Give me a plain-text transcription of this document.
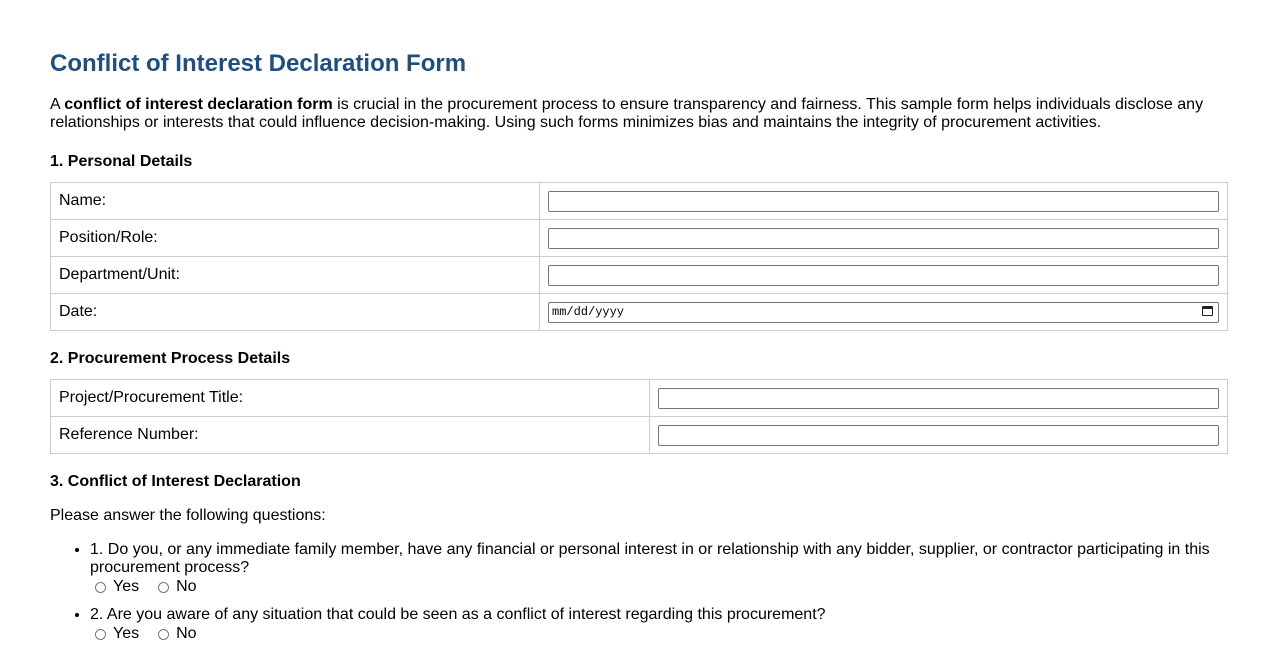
Conflict of Interest Declaration Form

A conflict of interest declaration form is crucial in the procurement process to ensure transparency and fairness. This sample form helps individuals disclose any relationships or interests that could influence decision-making. Using such forms minimizes bias and maintains the integrity of procurement activities.

1. Personal Details
Name:	

Position/Role:	

Department/Unit:	

Date:	mm/dd/yyyy
2. Procurement Process Details
Project/Procurement Title:	

Reference Number:	
3. Conflict of Interest Declaration
Please answer the following questions:
• 1. Do you, or any immediate family member, have any financial or personal interest in or relationship with any bidder, supplier, or contractor participating in this procurement process?
Yes No
• 2. Are you aware of any situation that could be seen as a conflict of interest regarding this procurement?
Yes No
